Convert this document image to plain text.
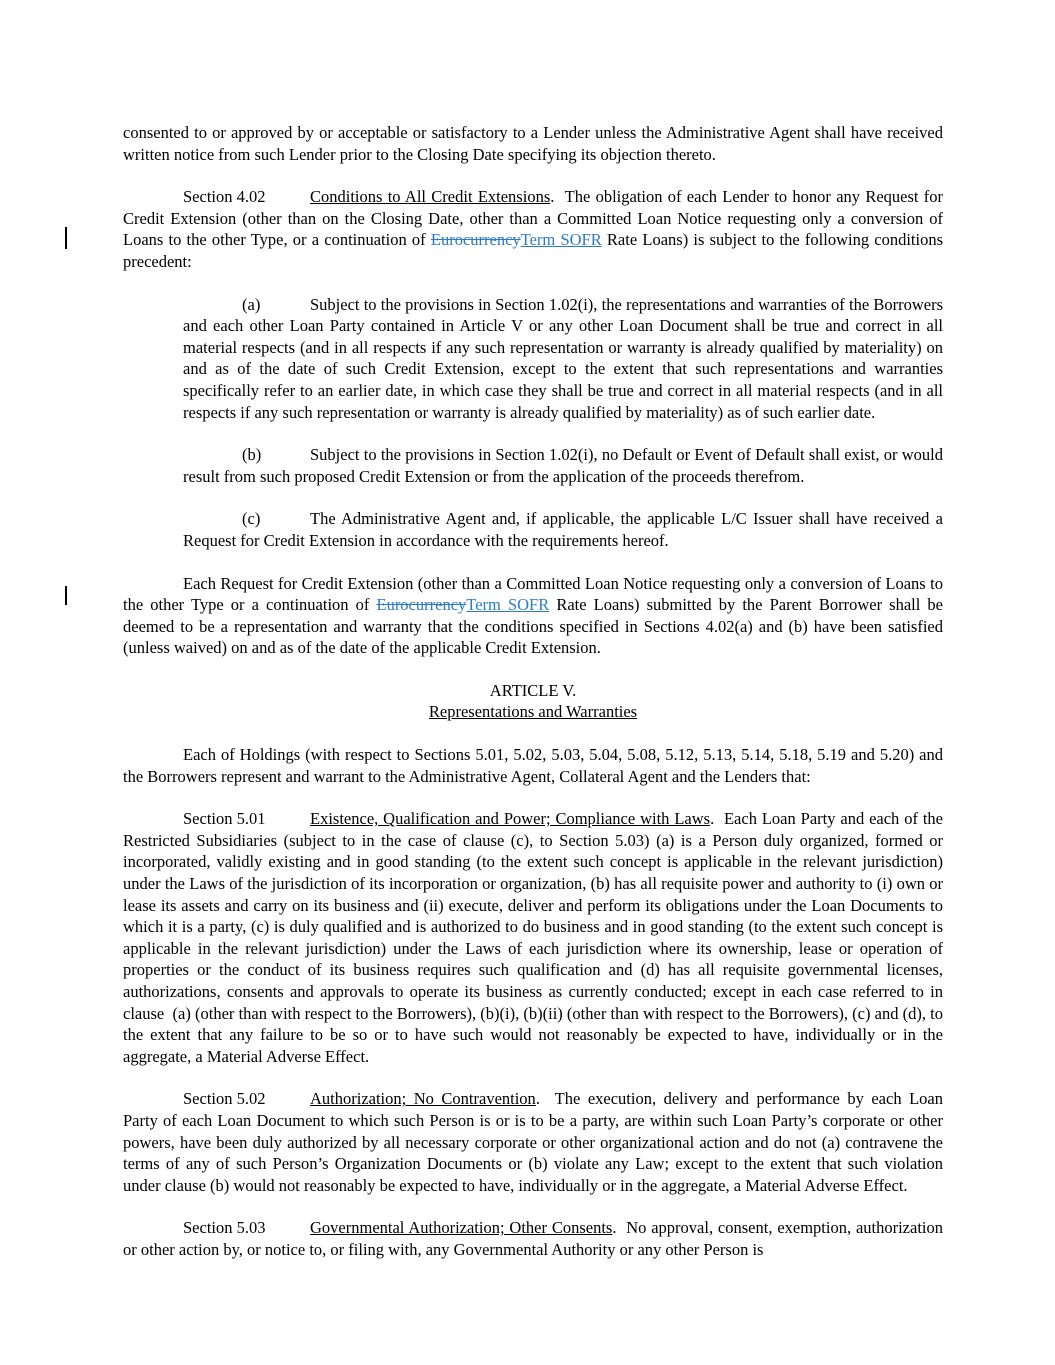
consented to or approved by or acceptable or satisfactory to a Lender unless the Administrative Agent shall have received written notice from such Lender prior to the Closing Date specifying its objection thereto.

Section 4.02	Conditions to All Credit Extensions.  The obligation of each Lender to honor any Request for Credit Extension (other than on the Closing Date, other than a Committed Loan Notice requesting only a conversion of Loans to the other Type, or a continuation of EurocurrencyTerm SOFR Rate Loans) is subject to the following conditions precedent:

(a)	Subject to the provisions in Section 1.02(i), the representations and warranties of the Borrowers and each other Loan Party contained in Article V or any other Loan Document shall be true and correct in all material respects (and in all respects if any such representation or warranty is already qualified by materiality) on and as of the date of such Credit Extension, except to the extent that such representations and warranties specifically refer to an earlier date, in which case they shall be true and correct in all material respects (and in all respects if any such representation or warranty is already qualified by materiality) as of such earlier date.

(b)	Subject to the provisions in Section 1.02(i), no Default or Event of Default shall exist, or would result from such proposed Credit Extension or from the application of the proceeds therefrom.

(c)	The Administrative Agent and, if applicable, the applicable L/C Issuer shall have received a Request for Credit Extension in accordance with the requirements hereof.

Each Request for Credit Extension (other than a Committed Loan Notice requesting only a conversion of Loans to the other Type or a continuation of EurocurrencyTerm SOFR Rate Loans) submitted by the Parent Borrower shall be deemed to be a representation and warranty that the conditions specified in Sections 4.02(a) and (b) have been satisfied (unless waived) on and as of the date of the applicable Credit Extension.

ARTICLE V.
Representations and Warranties

Each of Holdings (with respect to Sections 5.01, 5.02, 5.03, 5.04, 5.08, 5.12, 5.13, 5.14, 5.18, 5.19 and 5.20) and the Borrowers represent and warrant to the Administrative Agent, Collateral Agent and the Lenders that:

Section 5.01	Existence, Qualification and Power; Compliance with Laws.  Each Loan Party and each of the Restricted Subsidiaries (subject to in the case of clause (c), to Section 5.03) (a) is a Person duly organized, formed or incorporated, validly existing and in good standing (to the extent such concept is applicable in the relevant jurisdiction) under the Laws of the jurisdiction of its incorporation or organization, (b) has all requisite power and authority to (i) own or lease its assets and carry on its business and (ii) execute, deliver and perform its obligations under the Loan Documents to which it is a party, (c) is duly qualified and is authorized to do business and in good standing (to the extent such concept is applicable in the relevant jurisdiction) under the Laws of each jurisdiction where its ownership, lease or operation of properties or the conduct of its business requires such qualification and (d) has all requisite governmental licenses, authorizations, consents and approvals to operate its business as currently conducted; except in each case referred to in clause  (a) (other than with respect to the Borrowers), (b)(i), (b)(ii) (other than with respect to the Borrowers), (c) and (d), to the extent that any failure to be so or to have such would not reasonably be expected to have, individually or in the aggregate, a Material Adverse Effect.

Section 5.02	Authorization; No Contravention.  The execution, delivery and performance by each Loan Party of each Loan Document to which such Person is or is to be a party, are within such Loan Party’s corporate or other powers, have been duly authorized by all necessary corporate or other organizational action and do not (a) contravene the terms of any of such Person’s Organization Documents or (b) violate any Law; except to the extent that such violation under clause (b) would not reasonably be expected to have, individually or in the aggregate, a Material Adverse Effect.

Section 5.03	Governmental Authorization; Other Consents.  No approval, consent, exemption, authorization or other action by, or notice to, or filing with, any Governmental Authority or any other Person is
